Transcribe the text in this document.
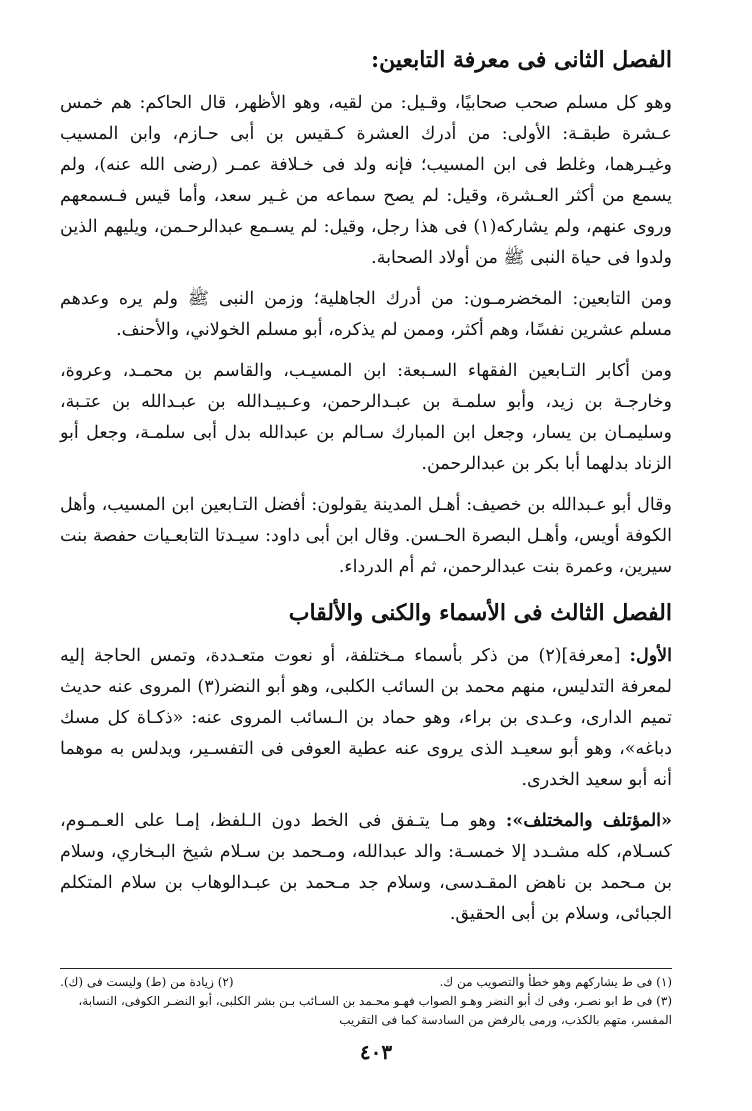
الفصل الثانى فى معرفة التابعين:

وهو كل مسلم صحب صحابيًا، وقـيل: من لقيه، وهو الأظهر، قال الحاكم: هم خمس عـشرة طبقـة: الأولى: من أدرك العشرة كـقيس بن أبى حـازم، وابن المسيب وغيـرهما، وغلط فى ابن المسيب؛ فإنه ولد فى خـلافة عمـر (رضى الله عنه)، ولم يسمع من أكثر العـشرة، وقيل: لم يصح سماعه من غـير سعد، وأما قيس فـسمعهم وروى عنهم، ولم يشاركه(١) فى هذا رجل، وقيل: لم يسـمع عبدالرحـمن، ويليهم الذين ولدوا فى حياة النبى ﷺ من أولاد الصحابة.

ومن التابعين: المخضرمـون: من أدرك الجاهلية؛ وزمن النبى ﷺ ولم يره وعدهم مسلم عشرين نفسًا، وهم أكثر، وممن لم يذكره، أبو مسلم الخولاني، والأحنف.

ومن أكابر التـابعين الفقهاء السـبعة: ابن المسيـب، والقاسم بن محمـد، وعروة، وخارجـة بن زيد، وأبو سلمـة بن عبـدالرحمن، وعـبيـدالله بن عبـدالله بن عتـبة، وسليمـان بن يسار، وجعل ابن المبارك سـالم بن عبدالله بدل أبى سلمـة، وجعل أبو الزناد بدلهما أبا بكر بن عبدالرحمن.

وقال أبو عـبدالله بن خصيف: أهـل المدينة يقولون: أفضل التـابعين ابن المسيب، وأهل الكوفة أويس، وأهـل البصرة الحـسن. وقال ابن أبى داود: سيـدتا التابعـيات حفصة بنت سيرين، وعمرة بنت عبدالرحمن، ثم أم الدرداء.

الفصل الثالث فى الأسماء والكنى والألقاب

الأول: [معرفة](٢) من ذكر بأسماء مـختلفة، أو نعوت متعـددة، وتمس الحاجة إليه لمعرفة التدليس، منهم محمد بن السائب الكلبى، وهو أبو النضر(٣) المروى عنه حديث تميم الدارى، وعـدى بن براء، وهو حماد بن الـسائب المروى عنه: «ذكـاة كل مسك دباغه»، وهو أبو سعيـد الذى يروى عنه عطية العوفى فى التفسـير، ويدلس به موهما أنه أبو سعيد الخدرى.

«المؤتلف والمختلف»: وهو مـا يتـفق فى الخط دون الـلفظ، إمـا على العـمـوم، كسـلام، كله مشـدد إلا خمسـة: والد عبدالله، ومـحمد بن سـلام شيخ البـخاري، وسلام بن مـحمد بن ناهض المقـدسى، وسلام جد مـحمد بن عبـدالوهاب بن سلام المتكلم الجبائى، وسلام بن أبى الحقيق.

(١) فى ط يشاركهم وهو خطأ والتصويب من ك.
(٢) زيادة من (ط) وليست فى (ك).
(٣) فى ط ابو نصـر، وفى ك أبو النضر وهـو الصواب فهـو محـمد بن السـائب بـن بشر الكلبى، أبو النضـر الكوفى، النسابة، المفسر، متهم بالكذب، ورمى بالرفض من السادسة كما فى التقريب
٤٠٣
